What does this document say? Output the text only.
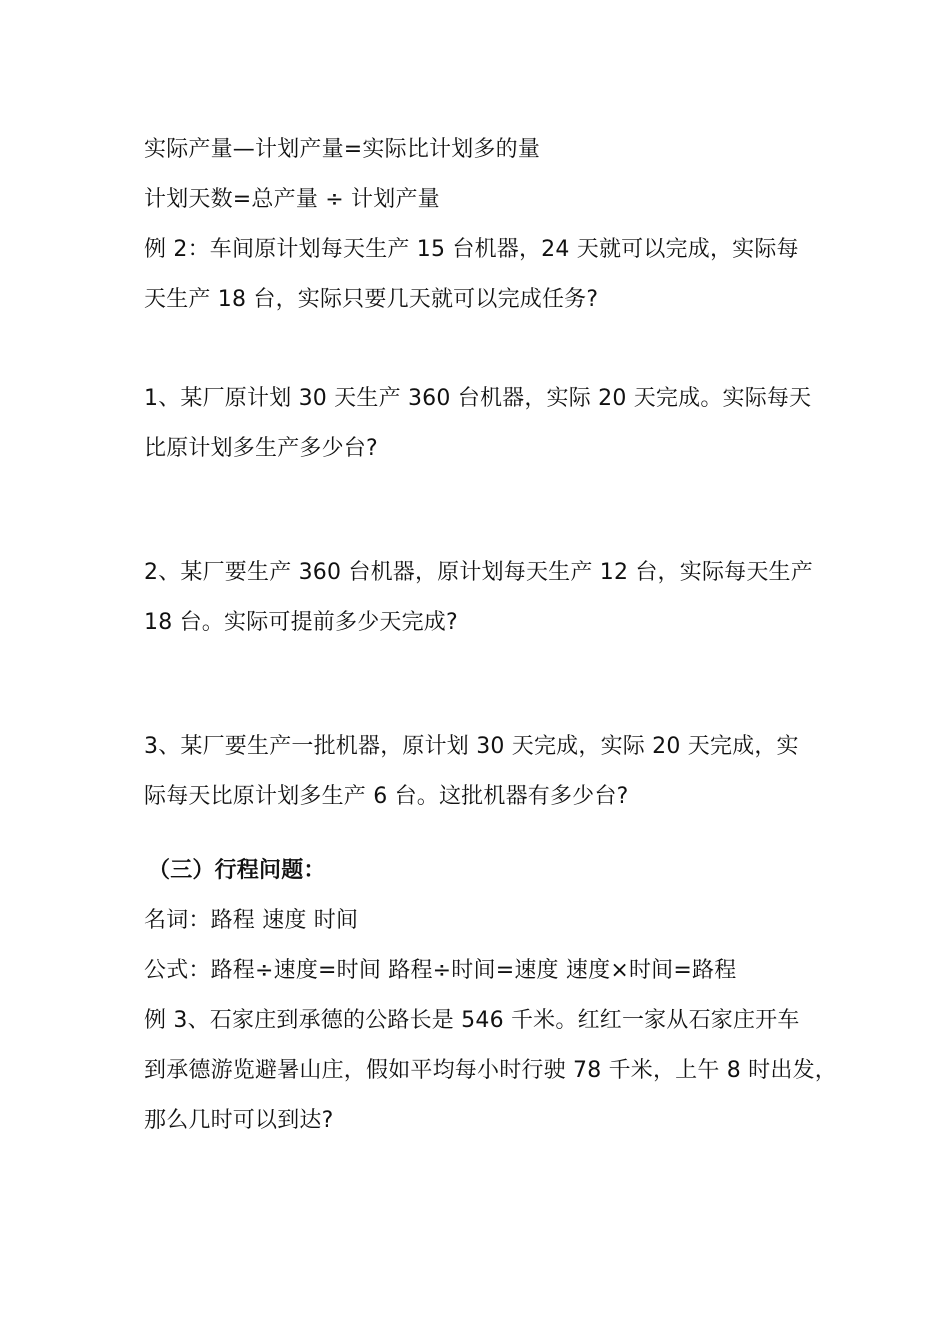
实际产量—计划产量=实际比计划多的量
计划天数=总产量 ÷ 计划产量
例 2：车间原计划每天生产 15 台机器，24 天就可以完成，实际每
天生产 18 台，实际只要几天就可以完成任务?
1、某厂原计划 30 天生产 360 台机器，实际 20 天完成。实际每天
比原计划多生产多少台?
2、某厂要生产 360 台机器，原计划每天生产 12 台，实际每天生产
18 台。实际可提前多少天完成?
3、某厂要生产一批机器，原计划 30 天完成，实际 20 天完成，实
际每天比原计划多生产 6 台。这批机器有多少台?
（三）行程问题：
名词：路程 速度 时间
公式：路程÷速度=时间 路程÷时间=速度 速度×时间=路程
例 3、石家庄到承德的公路长是 546 千米。红红一家从石家庄开车
到承德游览避暑山庄，假如平均每小时行驶 78 千米，上午 8 时出发，
那么几时可以到达?
